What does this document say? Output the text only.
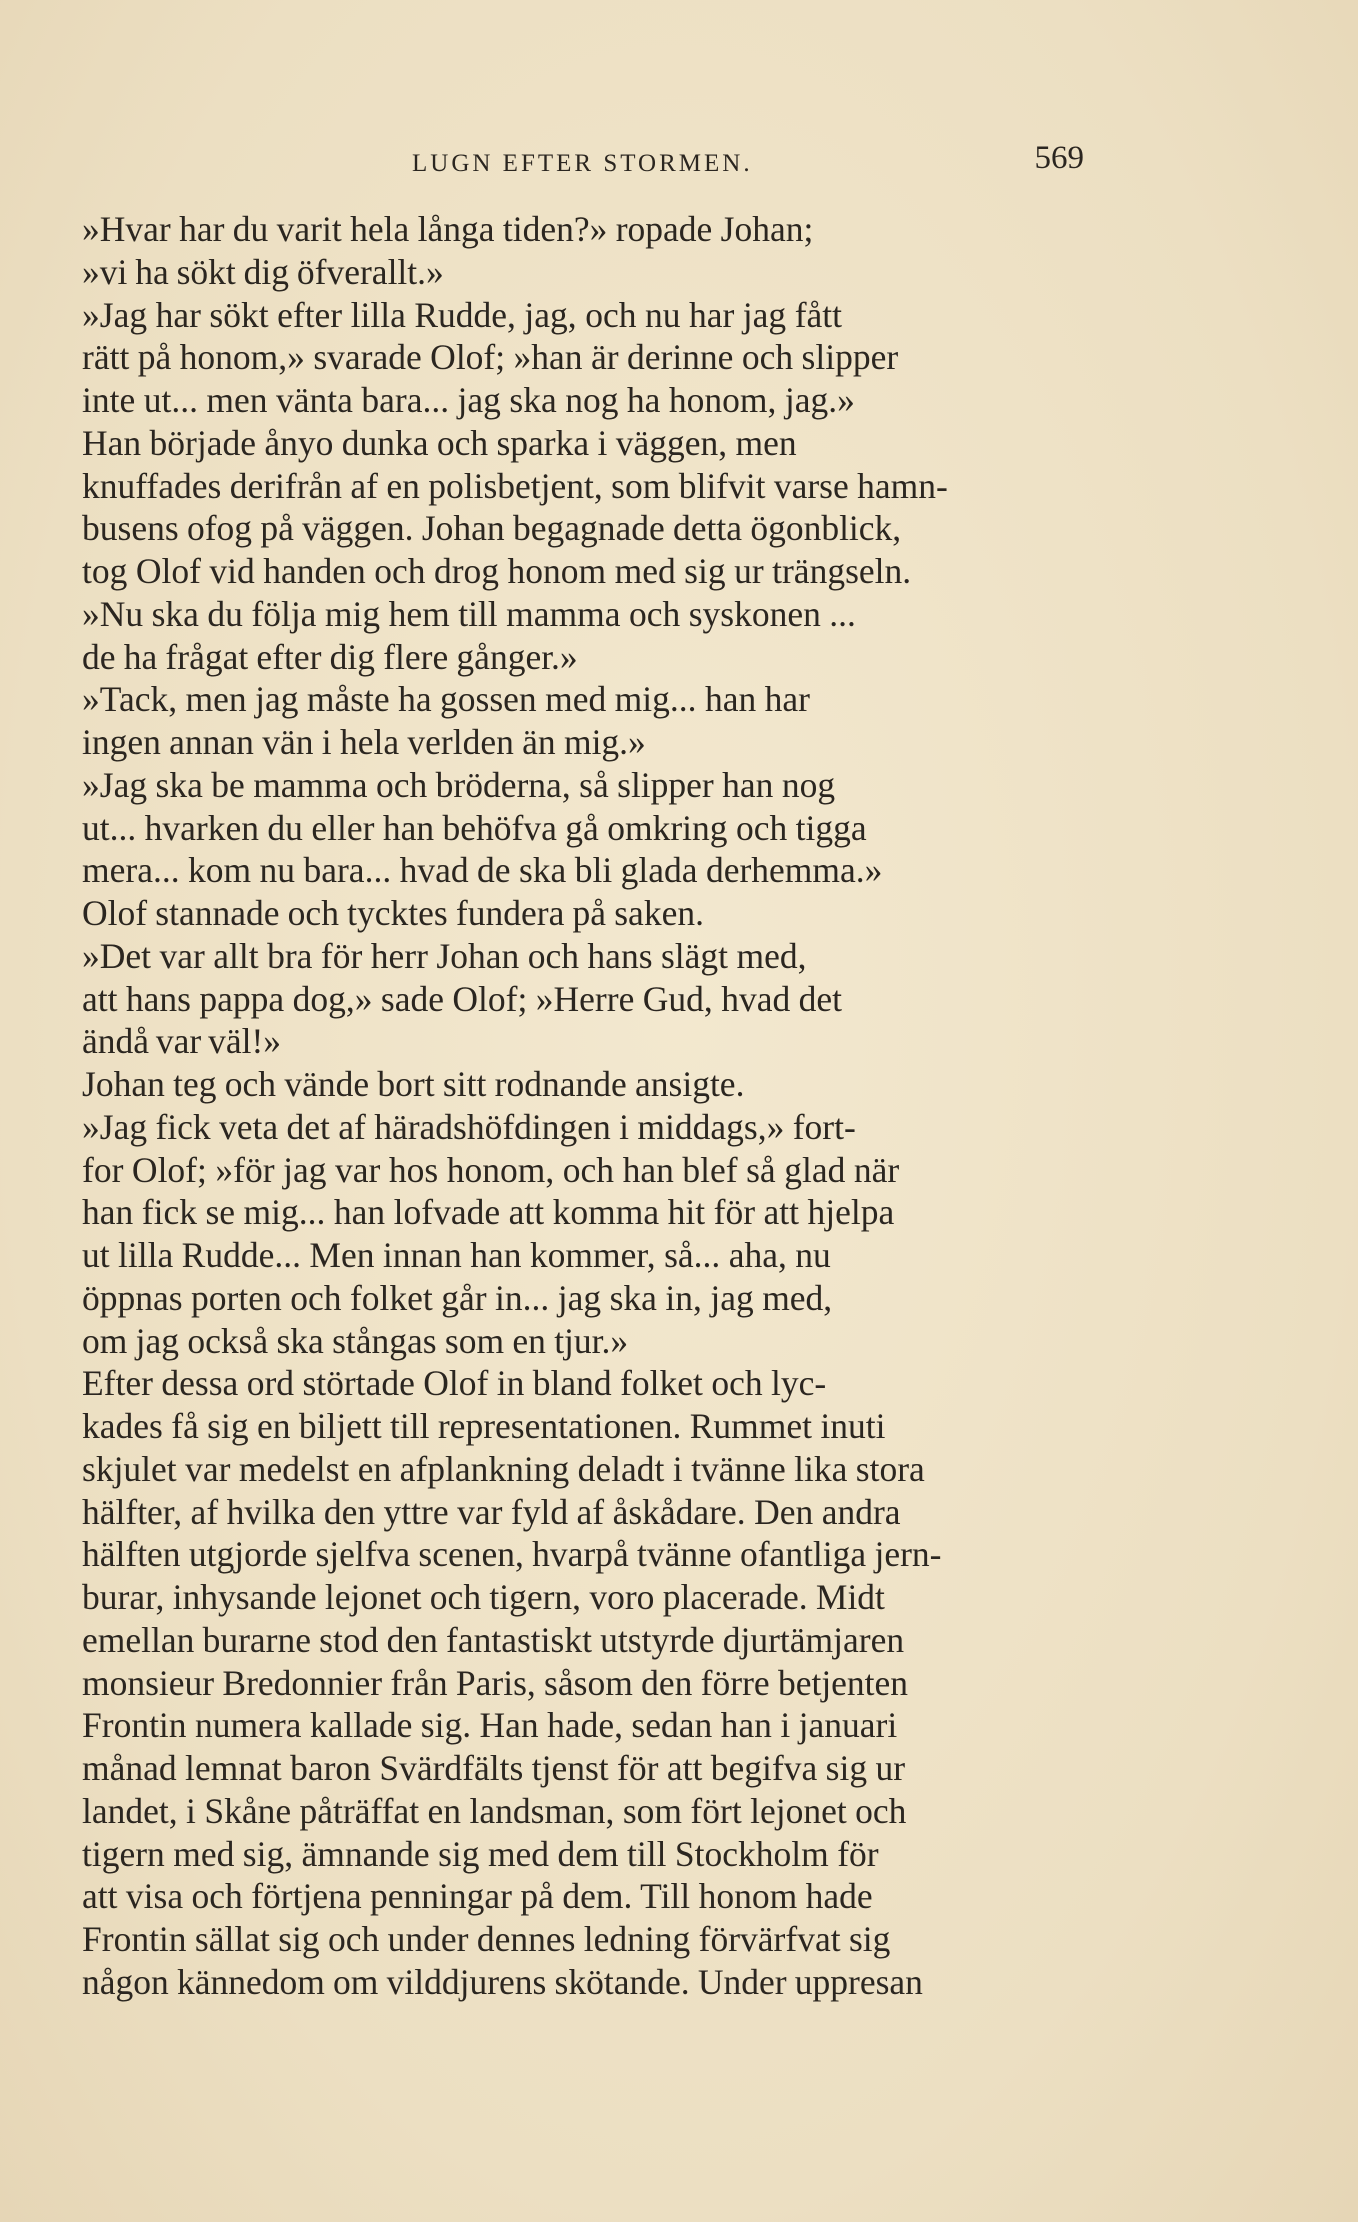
LUGN EFTER STORMEN.	569
»Hvar har du varit hela långa tiden?» ropade Johan;
»vi ha sökt dig öfverallt.»
»Jag har sökt efter lilla Rudde, jag, och nu har jag fått
rätt på honom,» svarade Olof; »han är derinne och slipper
inte ut... men vänta bara... jag ska nog ha honom, jag.»
Han började ånyo dunka och sparka i väggen, men
knuffades derifrån af en polisbetjent, som blifvit varse hamn-
busens ofog på väggen. Johan begagnade detta ögonblick,
tog Olof vid handen och drog honom med sig ur trängseln.
»Nu ska du följa mig hem till mamma och syskonen ...
de ha frågat efter dig flere gånger.»
»Tack, men jag måste ha gossen med mig... han har
ingen annan vän i hela verlden än mig.»
»Jag ska be mamma och bröderna, så slipper han nog
ut... hvarken du eller han behöfva gå omkring och tigga
mera... kom nu bara... hvad de ska bli glada derhemma.»
Olof stannade och tycktes fundera på saken.
»Det var allt bra för herr Johan och hans slägt med,
att hans pappa dog,» sade Olof; »Herre Gud, hvad det
ändå var väl!»
Johan teg och vände bort sitt rodnande ansigte.
»Jag fick veta det af häradshöfdingen i middags,» fort-
for Olof; »för jag var hos honom, och han blef så glad när
han fick se mig... han lofvade att komma hit för att hjelpa
ut lilla Rudde... Men innan han kommer, så... aha, nu
öppnas porten och folket går in... jag ska in, jag med,
om jag också ska stångas som en tjur.»
Efter dessa ord störtade Olof in bland folket och lyc-
kades få sig en biljett till representationen. Rummet inuti
skjulet var medelst en afplankning deladt i tvänne lika stora
hälfter, af hvilka den yttre var fyld af åskådare. Den andra
hälften utgjorde sjelfva scenen, hvarpå tvänne ofantliga jern-
burar, inhysande lejonet och tigern, voro placerade. Midt
emellan burarne stod den fantastiskt utstyrde djurtämjaren
monsieur Bredonnier från Paris, såsom den förre betjenten
Frontin numera kallade sig. Han hade, sedan han i januari
månad lemnat baron Svärdfälts tjenst för att begifva sig ur
landet, i Skåne påträffat en landsman, som fört lejonet och
tigern med sig, ämnande sig med dem till Stockholm för
att visa och förtjena penningar på dem. Till honom hade
Frontin sällat sig och under dennes ledning förvärfvat sig
någon kännedom om vilddjurens skötande. Under uppresan
